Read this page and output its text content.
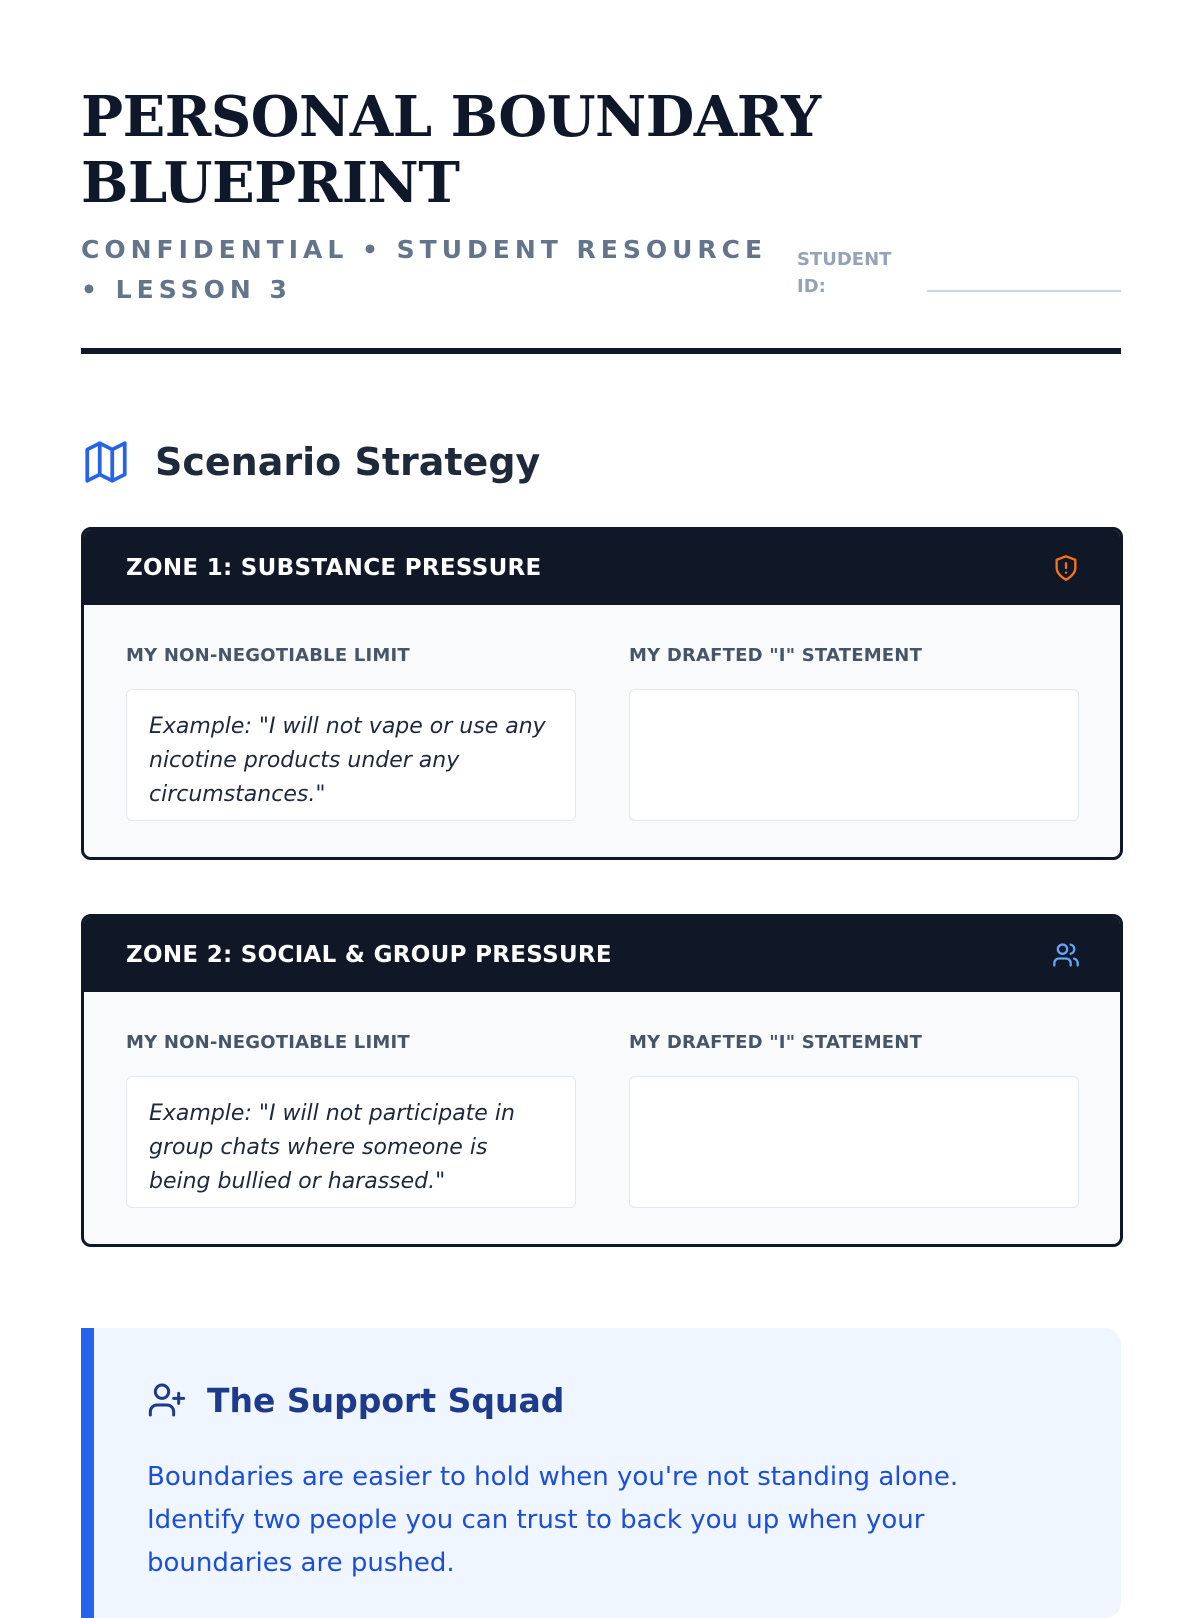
PERSONAL BOUNDARY BLUEPRINT
CONFIDENTIAL • STUDENT RESOURCE • LESSON 3
STUDENT ID:
Scenario Strategy
ZONE 1: SUBSTANCE PRESSURE
MY NON-NEGOTIABLE LIMIT
Example: "I will not vape or use any nicotine products under any circumstances."
MY DRAFTED "I" STATEMENT
ZONE 2: SOCIAL & GROUP PRESSURE
MY NON-NEGOTIABLE LIMIT
Example: "I will not participate in group chats where someone is being bullied or harassed."
MY DRAFTED "I" STATEMENT
The Support Squad
Boundaries are easier to hold when you're not standing alone. Identify two people you can trust to back you up when your boundaries are pushed.
